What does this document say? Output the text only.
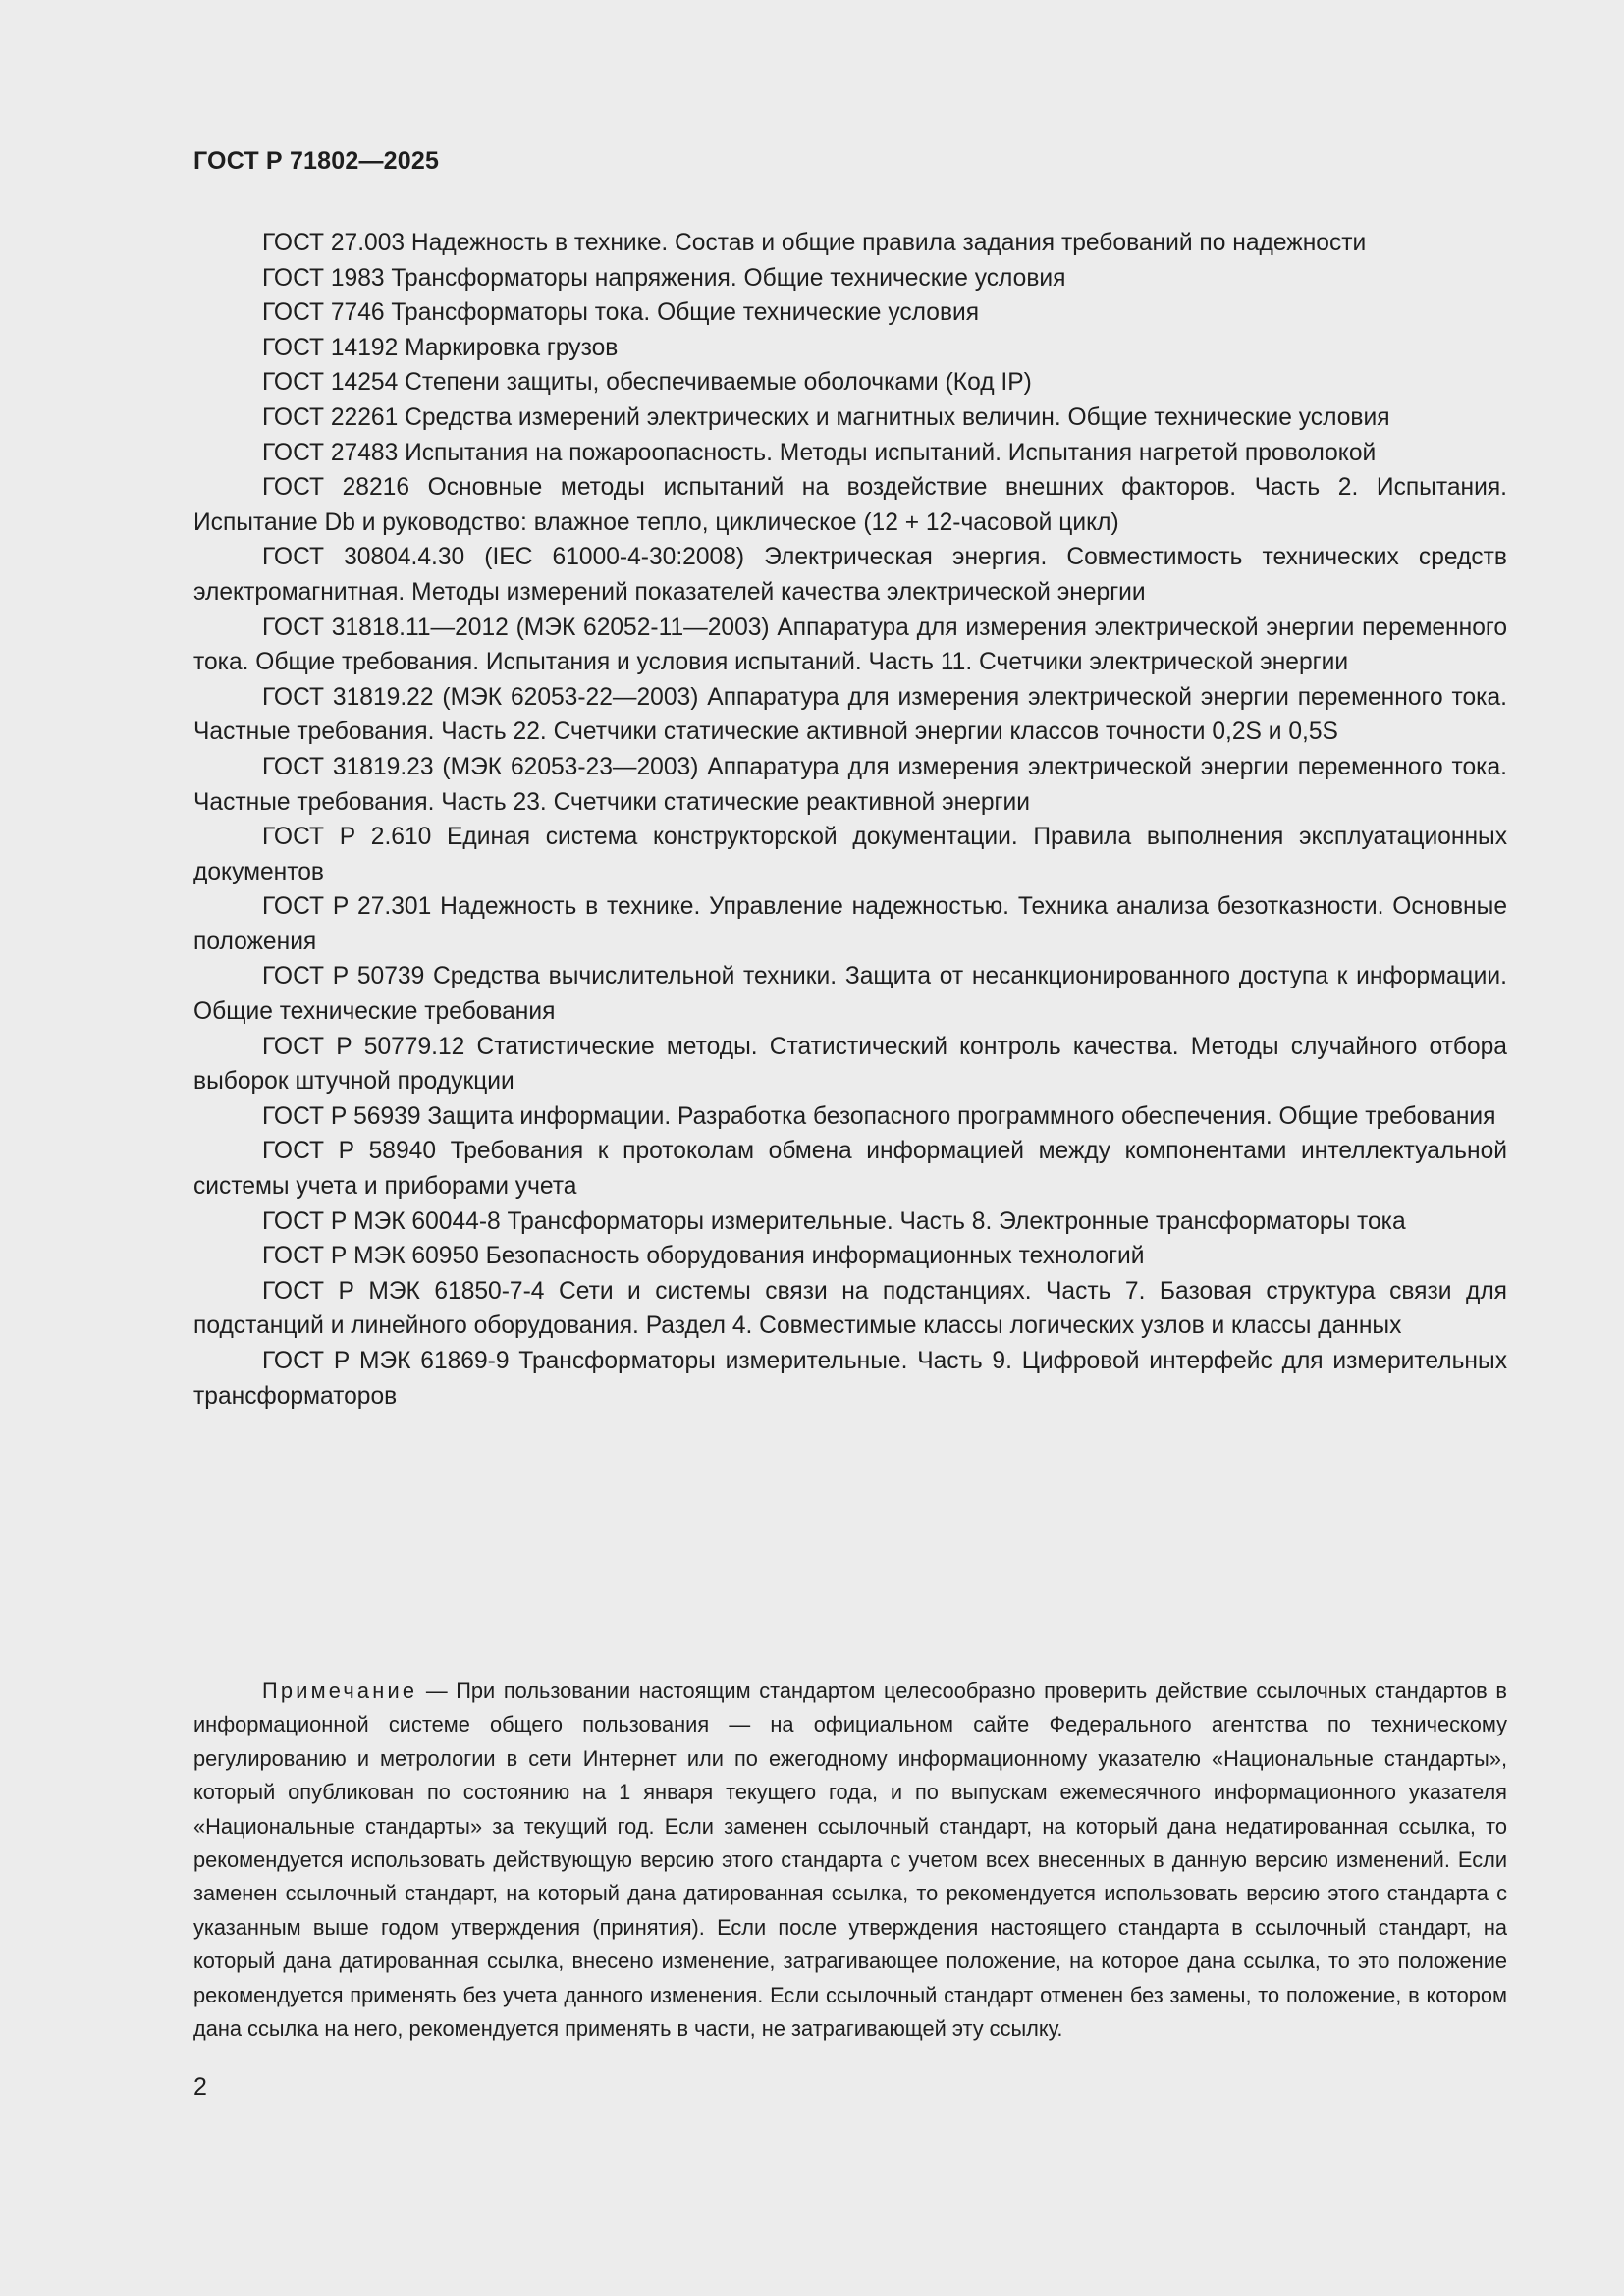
ГОСТ Р 71802—2025

ГОСТ 27.003 Надежность в технике. Состав и общие правила задания требований по надежности

ГОСТ 1983 Трансформаторы напряжения. Общие технические условия

ГОСТ 7746 Трансформаторы тока. Общие технические условия

ГОСТ 14192 Маркировка грузов

ГОСТ 14254 Степени защиты, обеспечиваемые оболочками (Код IP)

ГОСТ 22261 Средства измерений электрических и магнитных величин. Общие технические условия

ГОСТ 27483 Испытания на пожароопасность. Методы испытаний. Испытания нагретой проволокой

ГОСТ 28216 Основные методы испытаний на воздействие внешних факторов. Часть 2. Испытания. Испытание Db и руководство: влажное тепло, циклическое (12 + 12-часовой цикл)

ГОСТ 30804.4.30 (IEC 61000-4-30:2008) Электрическая энергия. Совместимость технических средств электромагнитная. Методы измерений показателей качества электрической энергии

ГОСТ 31818.11—2012 (МЭК 62052-11—2003) Аппаратура для измерения электрической энергии переменного тока. Общие требования. Испытания и условия испытаний. Часть 11. Счетчики электрической энергии

ГОСТ 31819.22 (МЭК 62053-22—2003) Аппаратура для измерения электрической энергии переменного тока. Частные требования. Часть 22. Счетчики статические активной энергии классов точности 0,2S и 0,5S

ГОСТ 31819.23 (МЭК 62053-23—2003) Аппаратура для измерения электрической энергии переменного тока. Частные требования. Часть 23. Счетчики статические реактивной энергии

ГОСТ Р 2.610 Единая система конструкторской документации. Правила выполнения эксплуатационных документов

ГОСТ Р 27.301 Надежность в технике. Управление надежностью. Техника анализа безотказности. Основные положения

ГОСТ Р 50739 Средства вычислительной техники. Защита от несанкционированного доступа к информации. Общие технические требования

ГОСТ Р 50779.12 Статистические методы. Статистический контроль качества. Методы случайного отбора выборок штучной продукции

ГОСТ Р 56939 Защита информации. Разработка безопасного программного обеспечения. Общие требования

ГОСТ Р 58940 Требования к протоколам обмена информацией между компонентами интеллектуальной системы учета и приборами учета

ГОСТ Р МЭК 60044-8 Трансформаторы измерительные. Часть 8. Электронные трансформаторы тока

ГОСТ Р МЭК 60950 Безопасность оборудования информационных технологий

ГОСТ Р МЭК 61850-7-4 Сети и системы связи на подстанциях. Часть 7. Базовая структура связи для подстанций и линейного оборудования. Раздел 4. Совместимые классы логических узлов и классы данных

ГОСТ Р МЭК 61869-9 Трансформаторы измерительные. Часть 9. Цифровой интерфейс для измерительных трансформаторов

Примечание — При пользовании настоящим стандартом целесообразно проверить действие ссылочных стандартов в информационной системе общего пользования — на официальном сайте Федерального агентства по техническому регулированию и метрологии в сети Интернет или по ежегодному информационному указателю «Национальные стандарты», который опубликован по состоянию на 1 января текущего года, и по выпускам ежемесячного информационного указателя «Национальные стандарты» за текущий год. Если заменен ссылочный стандарт, на который дана недатированная ссылка, то рекомендуется использовать действующую версию этого стандарта с учетом всех внесенных в данную версию изменений. Если заменен ссылочный стандарт, на который дана датированная ссылка, то рекомендуется использовать версию этого стандарта с указанным выше годом утверждения (принятия). Если после утверждения настоящего стандарта в ссылочный стандарт, на который дана датированная ссылка, внесено изменение, затрагивающее положение, на которое дана ссылка, то это положение рекомендуется применять без учета данного изменения. Если ссылочный стандарт отменен без замены, то положение, в котором дана ссылка на него, рекомендуется применять в части, не затрагивающей эту ссылку.

2
